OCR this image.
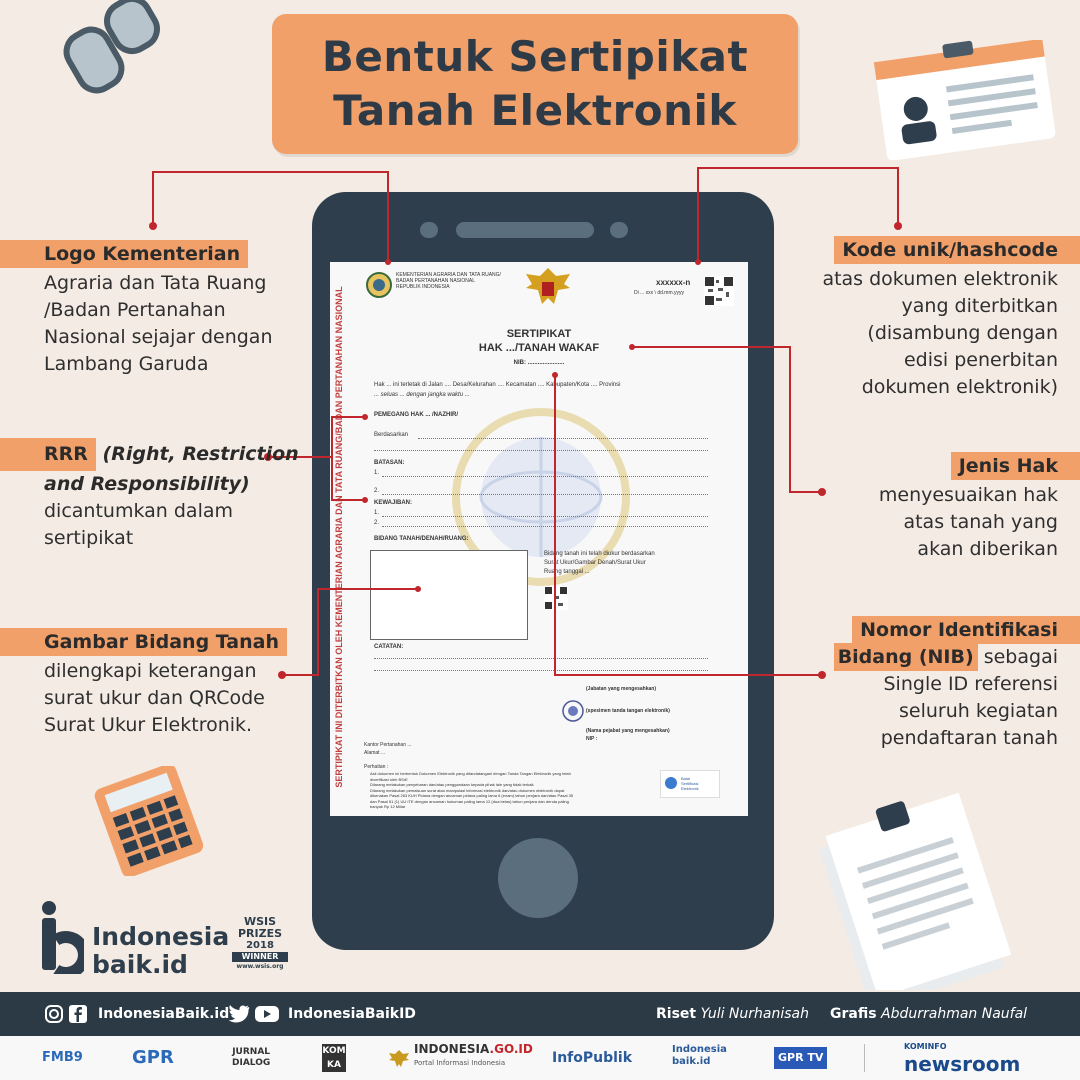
Bentuk Sertipikat
Tanah Elektronik
SERTIPIKAT INI DITERBITKAN OLEH KEMENTERIAN AGRARIA DAN TATA RUANG/BADAN PERTANAHAN NASIONAL
KEMENTERIAN AGRARIA DAN TATA RUANG/
BADAN PERTANAHAN NASIONAL
REPUBLIK INDONESIA	xxxxxx-n
Di ... xxx \ dd.mm.yyyy
SERTIPIKAT
HAK .../TANAH WAKAF
NIB: ......................
Hak ... ini terletak di Jalan .... Desa/Kelurahan .... Kecamatan .... Kabupaten/Kota .... Provinsi
... seluas ... dengan jangka waktu ...
PEMEGANG HAK ... /NAZHIR/
Berdasarkan
BATASAN:
1.
2.
KEWAJIBAN:
1.
2.
BIDANG TANAH/DENAH/RUANG:
Bidang tanah ini telah diukur berdasarkan
Surat Ukur/Gambar Denah/Surat Ukur
Ruang tanggal ...
CATATAN:
(Jabatan yang mengesahkan)
(spesimen tanda tangan elektronik)
(Nama pejabat yang mengesahkan)
NIP :
Kantor Pertanahan ...
Alamat ...
Perhatian :
Asli dokumen ini berbentuk Dokumen Elektronik yang ditandatangani dengan Tanda Tangan Elektronik yang telah
diverifikasi oleh BSrE
Dilarang melakukan penyebaran dan/atau penggandaan kepada pihak lain yang tidak terkait.
Dilarang melakukan pemalsuan surat atau manipulasi informasi elektronik dan/atau dokumen elektronik dapat
dikenakan Pasal 263 KUH Pidana dengan ancaman pidana paling lama 6 (enam) tahun penjara dan/atau Pasal 35
dan Pasal 51 (1) UU ITE dengan ancaman hukuman paling lama 12 (dua belas) tahun penjara dan denda paling
banyak Rp 12 Miliar
Balai
Sertifikasi
Elektronik
Logo Kementerian
Agraria dan Tata Ruang
/Badan Pertanahan
Nasional sejajar dengan
Lambang Garuda
RRR (Right, Restriction
and Responsibility)
dicantumkan dalam
sertipikat
Gambar Bidang Tanah
dilengkapi keterangan
surat ukur dan QRCode
Surat Ukur Elektronik.
Kode unik/hashcode
atas dokumen elektronik
yang diterbitkan
(disambung dengan
edisi penerbitan
dokumen elektronik)
Jenis Hak
menyesuaikan hak
atas tanah yang
akan diberikan
Nomor Identifikasi
Bidang (NIB) sebagai
Single ID referensi
seluruh kegiatan
pendaftaran tanah
Indonesia
baik.id
WSIS
PRIZES
2018
WINNER
www.wsis.org
IndonesiaBaik.id	IndonesiaBaikID	Riset Yuli Nurhanisah Grafis Abdurrahman Naufal
FMB9	GPR	JURNAL
DIALOG
KOM KA
INDONESIA.GO.ID
Portal Informasi Indonesia	InfoPublik
Indonesia
baik.id	GPR TV
KOMINFO
newsroom
